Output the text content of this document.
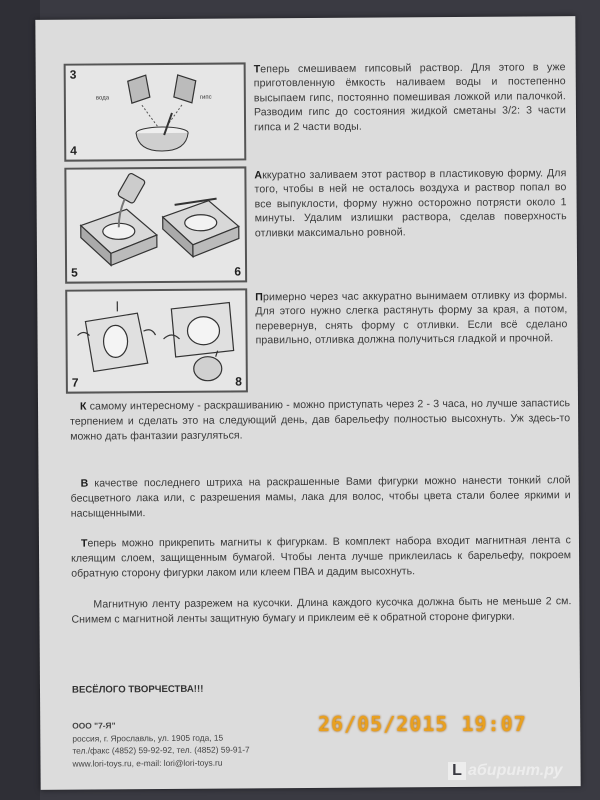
3
4
вода	гипс
Теперь смешиваем гипсовый раствор. Для этого в уже приготовленную ёмкость наливаем воды и постепенно высыпаем гипс, постоянно помешивая ложкой или палочкой. Разводим гипс до состояния жидкой сметаны 3/2: 3 части гипса и 2 части воды.
5	6
Аккуратно заливаем этот раствор в пластиковую форму. Для того, чтобы в ней не осталось воздуха и раствор попал во все выпуклости, форму нужно осторожно потрясти около 1 минуты. Удалим излишки раствора, сделав поверхность отливки максимально ровной.
7	8
Примерно через час аккуратно вынимаем отливку из формы. Для этого нужно слегка растянуть форму за края, а потом, перевернув, снять форму с отливки. Если всё сделано правильно, отливка должна получиться гладкой и прочной.
К самому интересному - раскрашиванию - можно приступать через 2 - 3 часа, но лучше запастись терпением и сделать это на следующий день, дав барельефу полностью высохнуть. Уж здесь-то можно дать фантазии разгуляться.
В качестве последнего штриха на раскрашенные Вами фигурки можно нанести тонкий слой бесцветного лака или, с разрешения мамы, лака для волос, чтобы цвета стали более яркими и насыщенными.
Теперь можно прикрепить магниты к фигуркам. В комплект набора входит магнитная лента с клеящим слоем, защищенным бумагой. Чтобы лента лучше приклеилась к барельефу, покроем обратную сторону фигурки лаком или клеем ПВА и дадим высохнуть.
Магнитную ленту разрежем на кусочки. Длина каждого кусочка должна быть не меньше 2 см. Снимем с магнитной ленты защитную бумагу и приклеим её к обратной стороне фигурки.
ВЕСЁЛОГО ТВОРЧЕСТВА!!!
ООО "7-Я"
россия, г. Ярославль, ул. 1905 года, 15
тел./факс (4852) 59-92-92, тел. (4852) 59-91-7
www.lori-toys.ru, e-mail: lori@lori-toys.ru
26/05/2015 19:07
L абиринт.ру
